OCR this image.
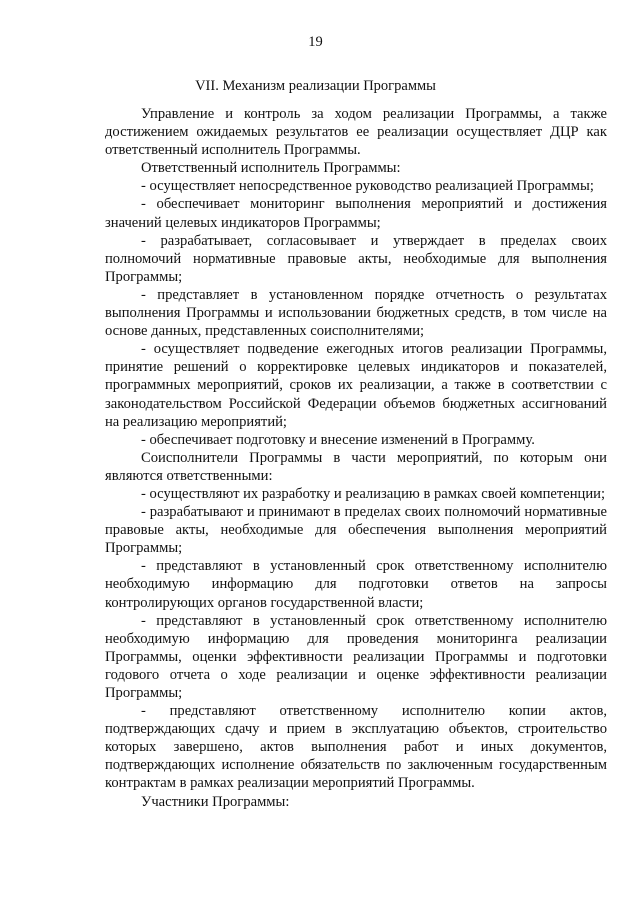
19
VII. Механизм реализации Программы

Управление и контроль за ходом реализации Программы, а также достижением ожидаемых результатов ее реализации осуществляет ДЦР как ответственный исполнитель Программы.

Ответственный исполнитель Программы:

- осуществляет непосредственное руководство реализацией Программы;

- обеспечивает мониторинг выполнения мероприятий и достижения значений целевых индикаторов Программы;

- разрабатывает, согласовывает и утверждает в пределах своих полномочий нормативные правовые акты, необходимые для выполнения Программы;

- представляет в установленном порядке отчетность о результатах выполнения Программы и использовании бюджетных средств, в том числе на основе данных, представленных соисполнителями;

- осуществляет подведение ежегодных итогов реализации Программы, принятие решений о корректировке целевых индикаторов и показателей, программных мероприятий, сроков их реализации, а также в соответствии с законодательством Российской Федерации объемов бюджетных ассигнований на реализацию мероприятий;

- обеспечивает подготовку и внесение изменений в Программу.

Соисполнители Программы в части мероприятий, по которым они являются ответственными:

- осуществляют их разработку и реализацию в рамках своей компетенции;

- разрабатывают и принимают в пределах своих полномочий нормативные правовые акты, необходимые для обеспечения выполнения мероприятий Программы;

- представляют в установленный срок ответственному исполнителю необходимую информацию для подготовки ответов на запросы контролирующих органов государственной власти;

- представляют в установленный срок ответственному исполнителю необходимую информацию для проведения мониторинга реализации Программы, оценки эффективности реализации Программы и подготовки годового отчета о ходе реализации и оценке эффективности реализации Программы;

- представляют ответственному исполнителю копии актов, подтверждающих сдачу и прием в эксплуатацию объектов, строительство которых завершено, актов выполнения работ и иных документов, подтверждающих исполнение обязательств по заключенным государственным контрактам в рамках реализации мероприятий Программы.

Участники Программы:
